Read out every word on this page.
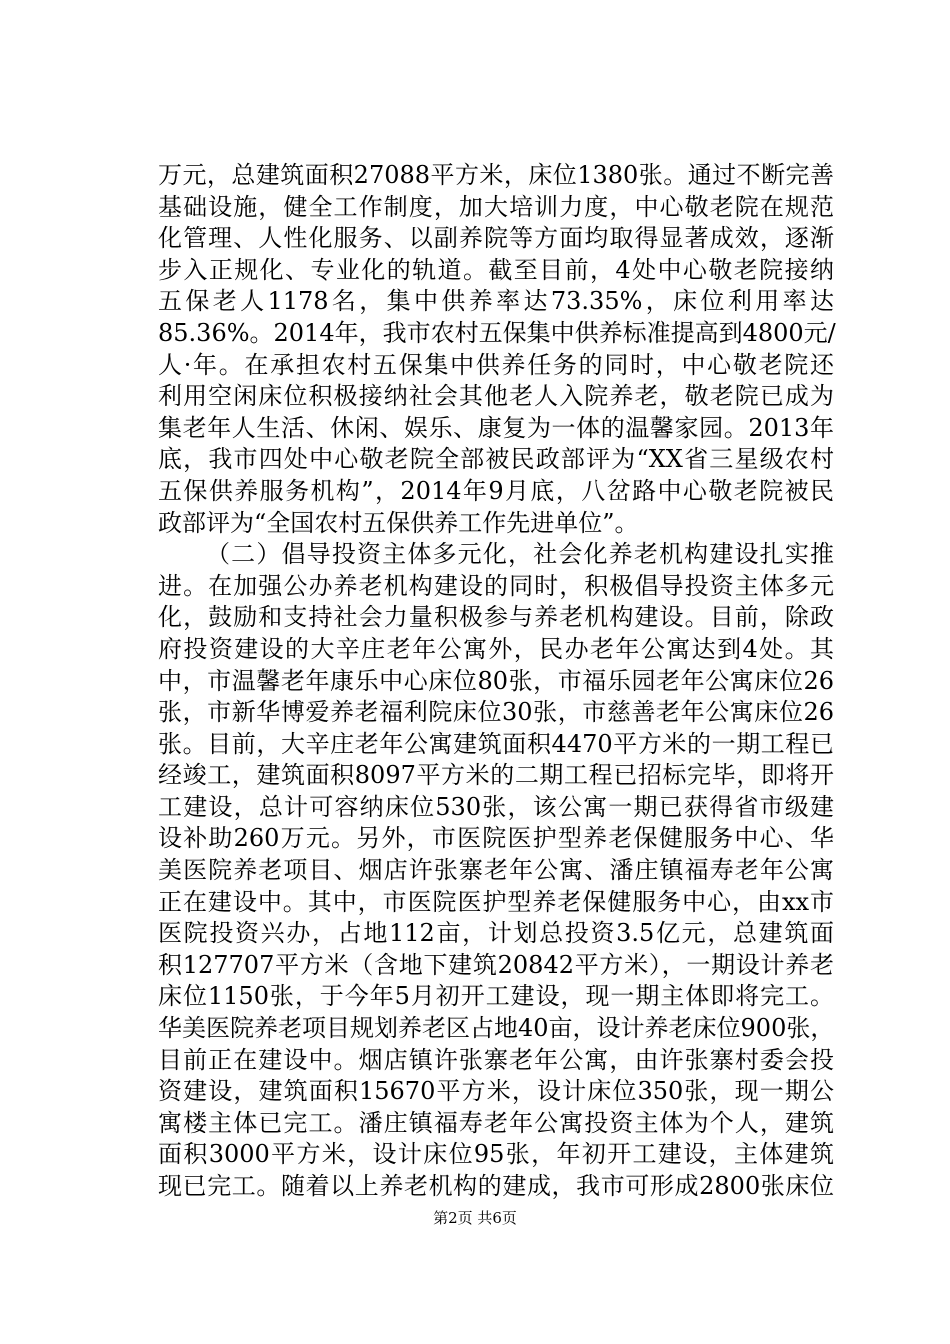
万元，总建筑面积27088平方米，床位1380张。通过不断完善
基础设施，健全工作制度，加大培训力度，中心敬老院在规范
化管理、人性化服务、以副养院等方面均取得显著成效，逐渐
步入正规化、专业化的轨道。截至目前，4处中心敬老院接纳
五保老人1178名，集中供养率达73.35%，床位利用率达
85.36%。2014年，我市农村五保集中供养标准提高到4800元/
人·年。在承担农村五保集中供养任务的同时，中心敬老院还
利用空闲床位积极接纳社会其他老人入院养老，敬老院已成为
集老年人生活、休闲、娱乐、康复为一体的温馨家园。2013年
底，我市四处中心敬老院全部被民政部评为“XX省三星级农村
五保供养服务机构”，2014年9月底，八岔路中心敬老院被民
政部评为“全国农村五保供养工作先进单位”。
（二）倡导投资主体多元化，社会化养老机构建设扎实推
进。在加强公办养老机构建设的同时，积极倡导投资主体多元
化，鼓励和支持社会力量积极参与养老机构建设。目前，除政
府投资建设的大辛庄老年公寓外，民办老年公寓达到4处。其
中，市温馨老年康乐中心床位80张，市福乐园老年公寓床位26
张，市新华博爱养老福利院床位30张，市慈善老年公寓床位26
张。目前，大辛庄老年公寓建筑面积4470平方米的一期工程已
经竣工，建筑面积8097平方米的二期工程已招标完毕，即将开
工建设，总计可容纳床位530张，该公寓一期已获得省市级建
设补助260万元。另外，市医院医护型养老保健服务中心、华
美医院养老项目、烟店许张寨老年公寓、潘庄镇福寿老年公寓
正在建设中。其中，市医院医护型养老保健服务中心，由xx市
医院投资兴办，占地112亩，计划总投资3.5亿元，总建筑面
积127707平方米（含地下建筑20842平方米），一期设计养老
床位1150张，于今年5月初开工建设，现一期主体即将完工。
华美医院养老项目规划养老区占地40亩，设计养老床位900张，
目前正在建设中。烟店镇许张寨老年公寓，由许张寨村委会投
资建设，建筑面积15670平方米，设计床位350张，现一期公
寓楼主体已完工。潘庄镇福寿老年公寓投资主体为个人，建筑
面积3000平方米，设计床位95张，年初开工建设，主体建筑
现已完工。随着以上养老机构的建成，我市可形成2800张床位
第2页 共6页
